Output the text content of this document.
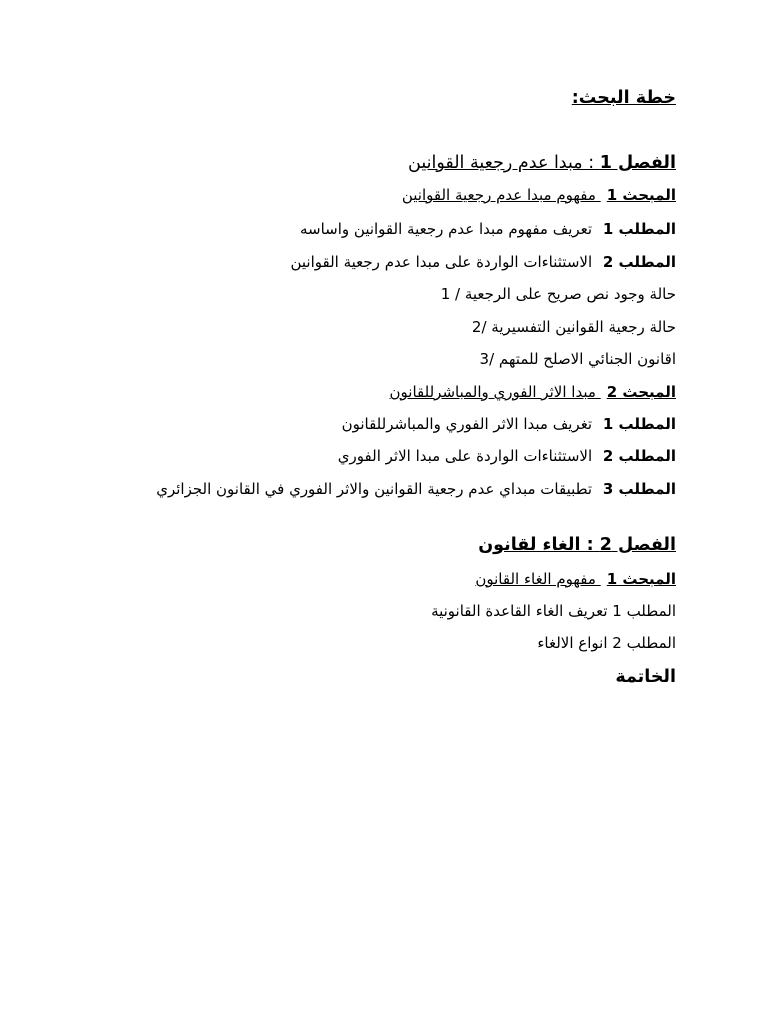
خطة البحث:
الفصل 1 : مبدا عدم رجعية القوانين
المبحث 1 مفهوم مبدا عدم رجعية القوانين
المطلب 1 تعريف مفهوم مبدا عدم رجعية القوانين واساسه
المطلب 2 الاستثناءات الواردة على مبدا عدم رجعية القوانين
حالة وجود نص صريح على الرجعية / 1
حالة رجعية القوانين التفسيرية /2
اقانون الجنائي الاصلح للمتهم /3
المبحث 2 مبدا الاثر الفوري والمباشرللقانون
المطلب 1 تغريف مبدا الاثر الفوري والمباشرللقانون
المطلب 2 الاستثناءات الواردة على مبدا الاثر الفوري
المطلب 3 تطبيقات مبداي عدم رجعية القوانين والاثر الفوري في القانون الجزائري
الفصل 2 : الغاء لقانون
المبحث 1 مفهوم الغاء القانون
المطلب 1 تعريف الغاء القاعدة القانونية
المطلب 2 انواع الالغاء
الخاتمة
